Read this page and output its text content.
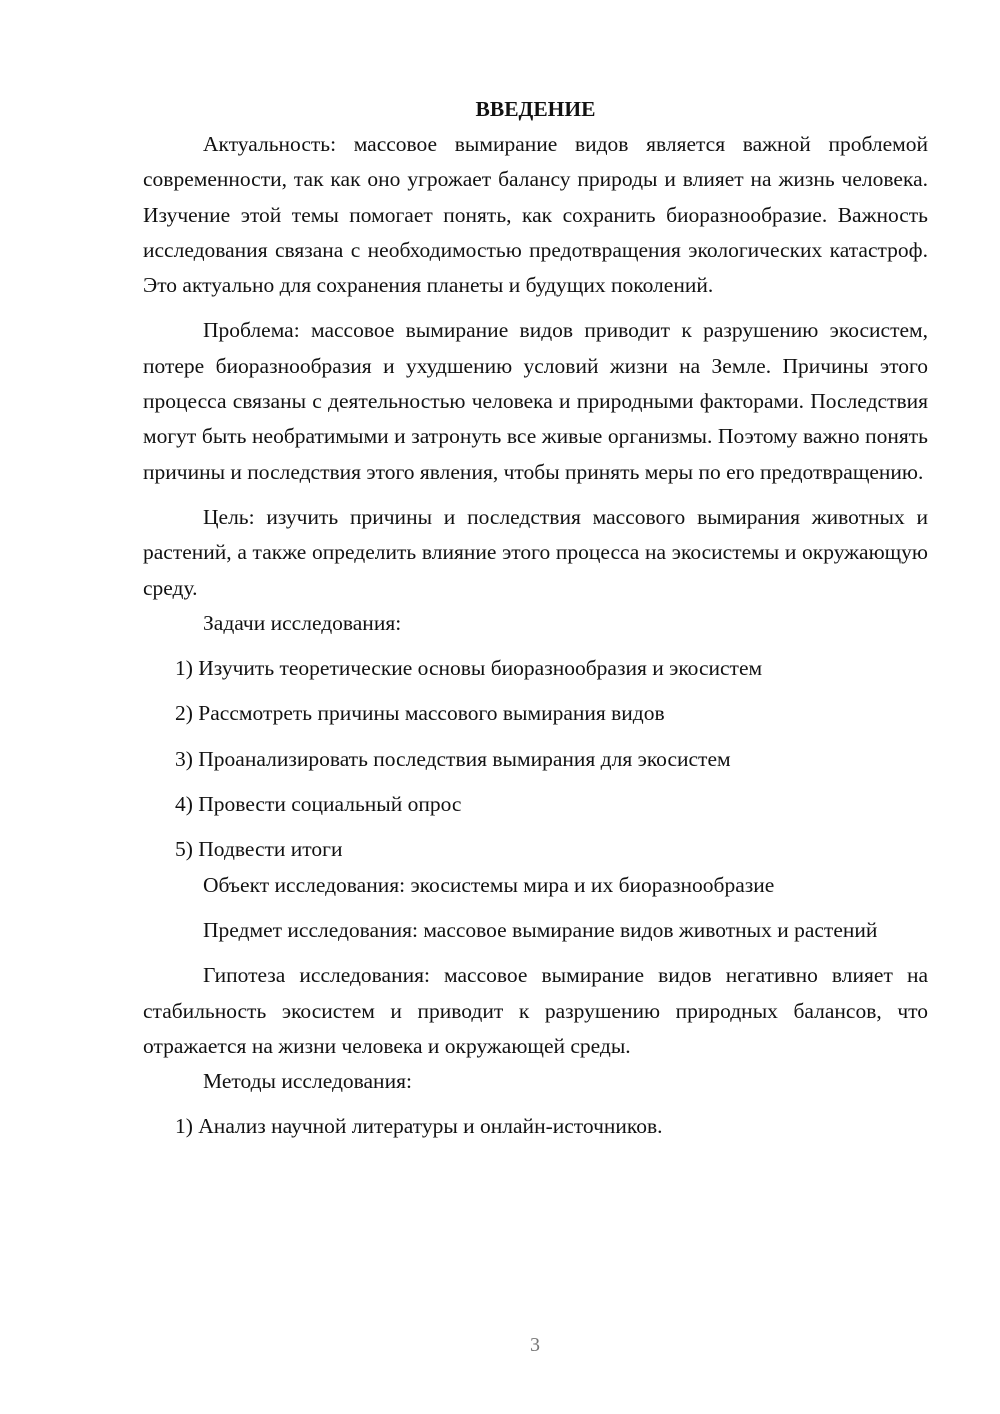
ВВЕДЕНИЕ

Актуальность: массовое вымирание видов является важной проблемой современности, так как оно угрожает балансу природы и влияет на жизнь человека. Изучение этой темы помогает понять, как сохранить биоразнообразие. Важность исследования связана с необходимостью предотвращения экологических катастроф. Это актуально для сохранения планеты и будущих поколений.

Проблема: массовое вымирание видов приводит к разрушению экосистем, потере биоразнообразия и ухудшению условий жизни на Земле. Причины этого процесса связаны с деятельностью человека и природными факторами. Последствия могут быть необратимыми и затронуть все живые организмы. Поэтому важно понять причины и последствия этого явления, чтобы принять меры по его предотвращению.

Цель: изучить причины и последствия массового вымирания животных и растений, а также определить влияние этого процесса на экосистемы и окружающую среду.

Задачи исследования:

1) Изучить теоретические основы биоразнообразия и экосистем

2) Рассмотреть причины массового вымирания видов

3) Проанализировать последствия вымирания для экосистем

4) Провести социальный опрос

5) Подвести итоги

Объект исследования: экосистемы мира и их биоразнообразие

Предмет исследования: массовое вымирание видов животных и растений

Гипотеза исследования: массовое вымирание видов негативно влияет на стабильность экосистем и приводит к разрушению природных балансов, что отражается на жизни человека и окружающей среды.

Методы исследования:

1) Анализ научной литературы и онлайн-источников.

3
